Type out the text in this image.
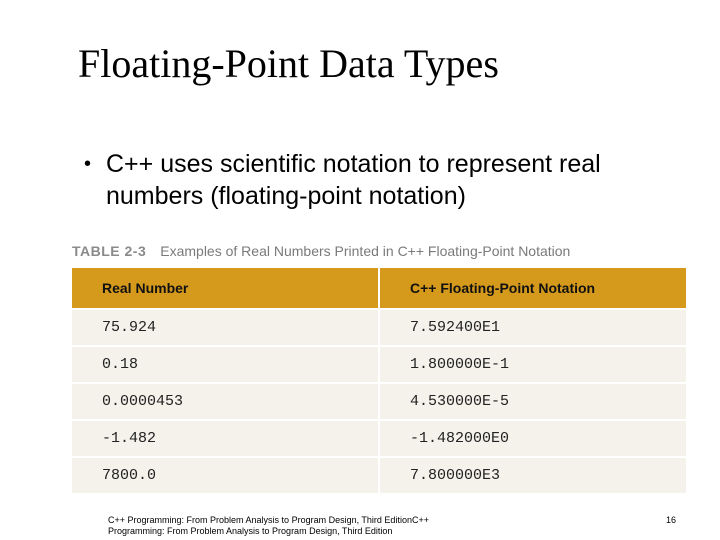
Floating-Point Data Types
• C++ uses scientific notation to represent real numbers (floating-point notation)
TABLE 2-3 Examples of Real Numbers Printed in C++ Floating-Point Notation
Real Number	C++ Floating-Point Notation
75.924	7.592400E1
0.18	1.800000E-1
0.0000453	4.530000E-5
-1.482	-1.482000E0
7800.0	7.800000E3
C++ Programming: From Problem Analysis to Program Design, Third EditionC++ Programming: From Problem Analysis to Program Design, Third Edition
16
